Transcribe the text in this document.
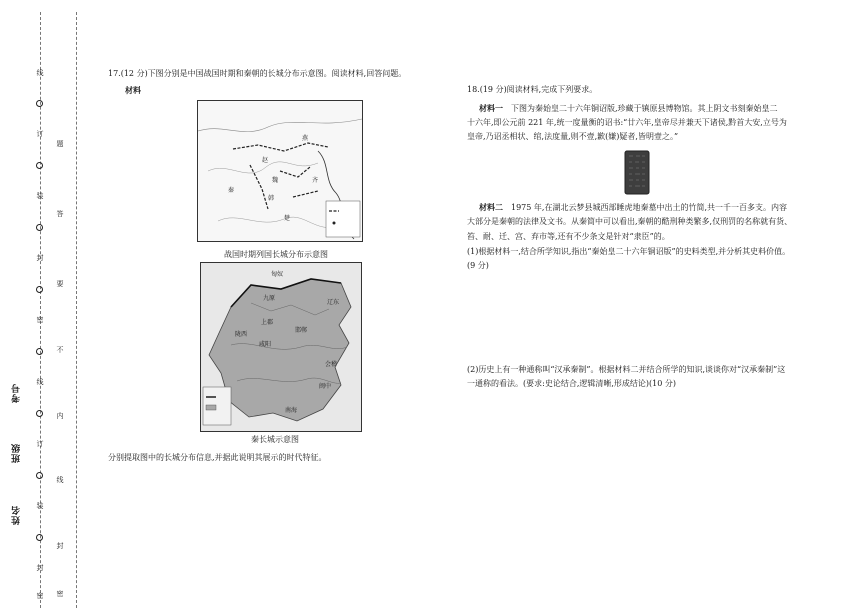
线
订
装
封
密
线
订
装
封
密
题
答
要
不
内
线
封
密
考号
班级
姓名
17.(12 分)下图分别是中国战国时期和秦朝的长城分布示意图。阅读材料,回答问题。
材料
赵
燕
魏
韩
秦
楚
齐
战国时期列国长城分布示意图
匈奴
九原
上郡
陇西
咸阳
邯郸
辽东
南海
闽中
会稽
秦长城示意图
分别提取图中的长城分布信息,并据此说明其展示的时代特征。
18.(19 分)阅读材料,完成下列要求。
材料一  下图为秦始皇二十六年铜诏版,珍藏于镇原县博物馆。其上阴文书刻秦始皇二
十六年,即公元前 221 年,统一度量衡的诏书:“廿六年,皇帝尽并兼天下诸侯,黔首大安,立号为
皇帝,乃诏丞相状、绾,法度量,则不壹,歉(嫌)疑者,皆明壹之。”
材料二  1975 年,在湖北云梦县城西部睡虎地秦墓中出土的竹简,共一千一百多支。内容
大部分是秦朝的法律及文书。从秦简中可以看出,秦朝的酷刑种类繁多,仅刑罚的名称就有货、
笞、耐、迁、宫、弃市等,还有不少条文是针对“隶臣”的。
(1)根据材料一,结合所学知识,指出“秦始皇二十六年铜诏版”的史料类型,并分析其史料价值。
(9 分)
(2)历史上有一种通称叫“汉承秦制”。根据材料二并结合所学的知识,谈谈你对“汉承秦制”这
一通称的看法。(要求:史论结合,逻辑清晰,形成结论)(10 分)
